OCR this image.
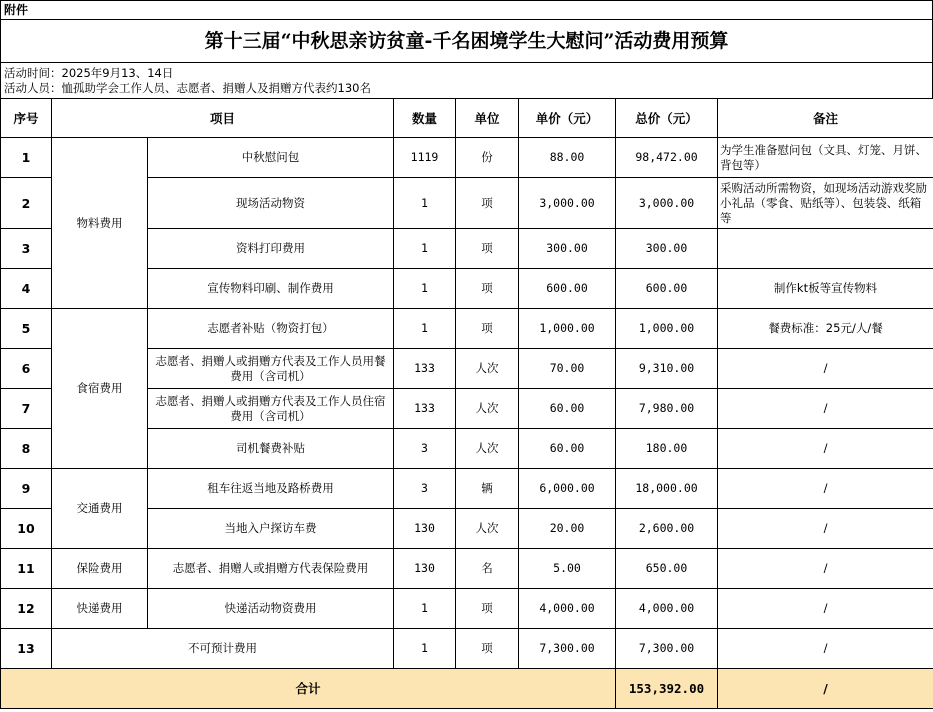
附件
第十三届“中秋思亲访贫童-千名困境学生大慰问”活动费用预算
活动时间：2025年9月13、14日
活动人员：恤孤助学会工作人员、志愿者、捐赠人及捐赠方代表约130名
序号	项目		数量	单位	单价（元）	总价（元）	备注
1	物料费用	中秋慰问包	1119	份	88.00	98,472.00	为学生准备慰问包（文具、灯笼、月饼、背包等）
2		现场活动物资	1	项	3,000.00	3,000.00	采购活动所需物资，如现场活动游戏奖励小礼品（零食、贴纸等）、包装袋、纸箱等
3		资料打印费用	1	项	300.00	300.00	
4		宣传物料印刷、制作费用	1	项	600.00	600.00	制作kt板等宣传物料
5	食宿费用	志愿者补贴（物资打包）	1	项	1,000.00	1,000.00	餐费标准：25元/人/餐
6		志愿者、捐赠人或捐赠方代表及工作人员用餐费用（含司机）	133	人次	70.00	9,310.00	/
7		志愿者、捐赠人或捐赠方代表及工作人员住宿费用（含司机）	133	人次	60.00	7,980.00	/
8		司机餐费补贴	3	人次	60.00	180.00	/
9	交通费用	租车往返当地及路桥费用	3	辆	6,000.00	18,000.00	/
10		当地入户探访车费	130	人次	20.00	2,600.00	/
11	保险费用	志愿者、捐赠人或捐赠方代表保险费用	130	名	5.00	650.00	/
12	快递费用	快递活动物资费用	1	项	4,000.00	4,000.00	/
13	不可预计费用		1	项	7,300.00	7,300.00	/
合计						153,392.00	/
